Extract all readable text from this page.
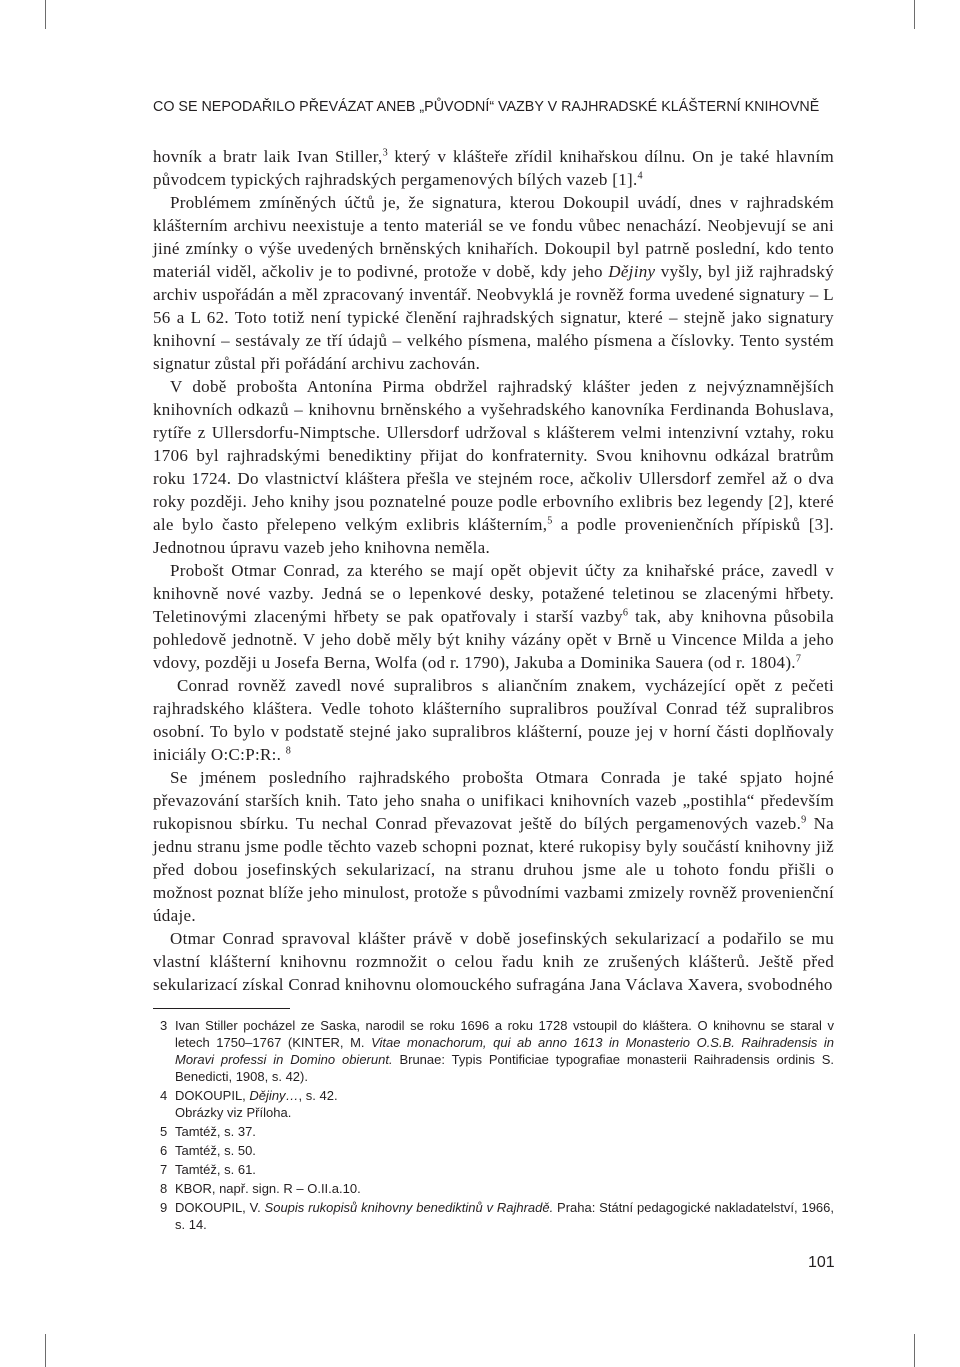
CO SE NEPODAŘILO PŘEVÁZAT ANEB „PŮVODNÍ“ VAZBY V RAJHRADSKÉ KLÁŠTERNÍ KNIHOVNĚ

hovník a bratr laik Ivan Stiller,$^3$ který v klášteře zřídil knihařskou dílnu. On je také hlavním původcem typických rajhradských pergamenových bílých vazeb [1].$^4$

Problémem zmíněných účtů je, že signatura, kterou Dokoupil uvádí, dnes v rajhradském klášterním archivu neexistuje a tento materiál se ve fondu vůbec nenachází. Neobjevují se ani jiné zmínky o výše uvedených brněnských knihařích. Dokoupil byl patrně poslední, kdo tento materiál viděl, ačkoliv je to podivné, protože v době, kdy jeho Dějiny vyšly, byl již rajhradský archiv uspořádán a měl zpracovaný inventář. Neobvyklá je rovněž forma uvedené signatury – L 56 a L 62. Toto totiž není typické členění rajhradských signatur, které – stejně jako signatury knihovní – sestávaly ze tří údajů – velkého písmena, malého písmena a číslovky. Tento systém signatur zůstal při pořádání archivu zachován.

V době probošta Antonína Pirma obdržel rajhradský klášter jeden z nejvýznamnějších knihovních odkazů – knihovnu brněnského a vyšehradského kanovníka Ferdinanda Bohuslava, rytíře z Ullersdorfu-Nimptsche. Ullersdorf udržoval s klášterem velmi intenzivní vztahy, roku 1706 byl rajhradskými benediktiny přijat do konfraternity. Svou knihovnu odkázal bratrům roku 1724. Do vlastnictví kláštera přešla ve stejném roce, ačkoliv Ullersdorf zemřel až o dva roky později. Jeho knihy jsou poznatelné pouze podle erbovního exlibris bez legendy [2], které ale bylo často přelepeno velkým exlibris klášterním,$^5$ a podle provenienčních přípisků [3]. Jednotnou úpravu vazeb jeho knihovna neměla.

Probošt Otmar Conrad, za kterého se mají opět objevit účty za knihařské práce, zavedl v knihovně nové vazby. Jedná se o lepenkové desky, potažené teletinou se zlacenými hřbety. Teletinovými zlacenými hřbety se pak opatřovaly i starší vazby$^6$ tak, aby knihovna působila pohledově jednotně. V jeho době měly být knihy vázány opět v Brně u Vincence Milda a jeho vdovy, později u Josefa Berna, Wolfa (od r. 1790), Jakuba a Dominika Sauera (od r. 1804).$^7$

Conrad rovněž zavedl nové supralibros s aliančním znakem, vycházející opět z pečeti rajhradského kláštera. Vedle tohoto klášterního supralibros používal Conrad též supralibros osobní. To bylo v podstatě stejné jako supralibros klášterní, pouze jej v horní části doplňovaly iniciály O:C:P:R:. $^8$

Se jménem posledního rajhradského probošta Otmara Conrada je také spjato hojné převazování starších knih. Tato jeho snaha o unifikaci knihovních vazeb „postihla“ především rukopisnou sbírku. Tu nechal Conrad převazovat ještě do bílých pergamenových vazeb.$^9$ Na jednu stranu jsme podle těchto vazeb schopni poznat, které rukopisy byly součástí knihovny již před dobou josefinských sekularizací, na stranu druhou jsme ale u tohoto fondu přišli o možnost poznat blíže jeho minulost, protože s původními vazbami zmizely rovněž provenienční údaje.

Otmar Conrad spravoval klášter právě v době josefinských sekularizací a podařilo se mu vlastní klášterní knihovnu rozmnožit o celou řadu knih ze zrušených klášterů. Ještě před sekularizací získal Conrad knihovnu olomouckého sufragána Jana Václava Xavera, svobodného

3 Ivan Stiller pocházel ze Saska, narodil se roku 1696 a roku 1728 vstoupil do kláštera. O knihovnu se staral v letech 1750–1767 (KINTER, M. Vitae monachorum, qui ab anno 1613 in Monasterio O.S.B. Raihradensis in Moravi professi in Domino obierunt. Brunae: Typis Pontificiae typografiae monasterii Raihradensis ordinis S. Benedicti, 1908, s. 42).
4 DOKOUPIL, Dějiny…, s. 42.
Obrázky viz Příloha.
5 Tamtéž, s. 37.
6 Tamtéž, s. 50.
7 Tamtéž, s. 61.
8 KBOR, např. sign. R – O.II.a.10.
9 DOKOUPIL, V. Soupis rukopisů knihovny benediktinů v Rajhradě. Praha: Státní pedagogické nakladatelství, 1966, s. 14.
101
